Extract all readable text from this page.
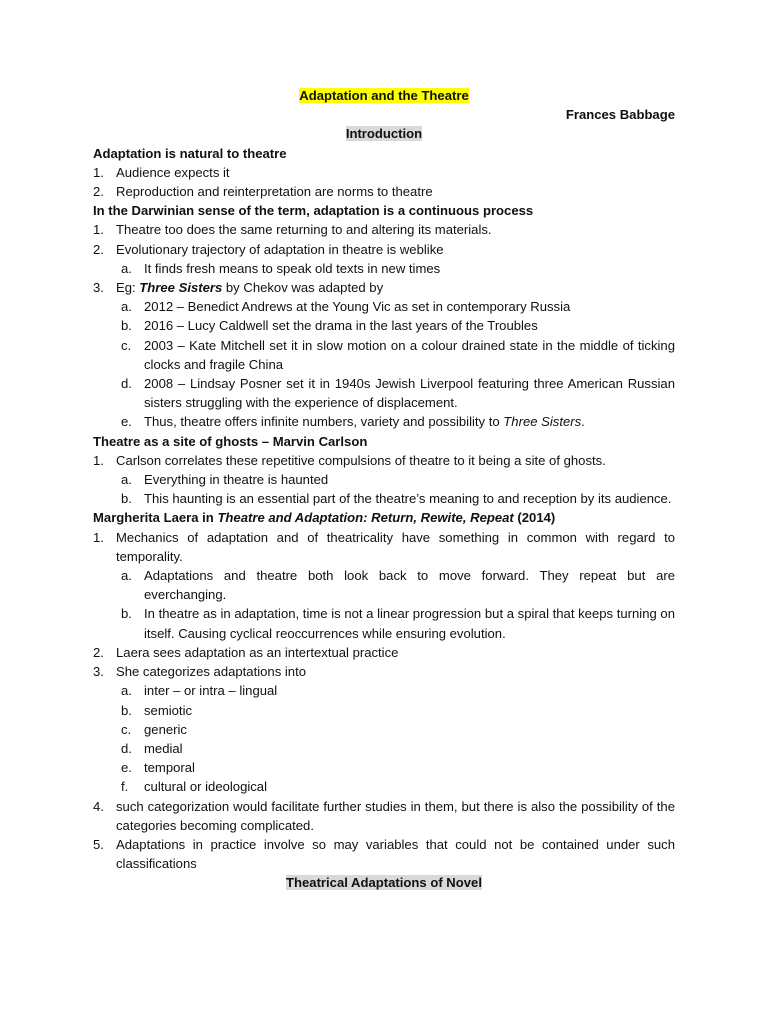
Adaptation and the Theatre

Frances Babbage

Introduction

Adaptation is natural to theatre

1. Audience expects it

2. Reproduction and reinterpretation are norms to theatre

In the Darwinian sense of the term, adaptation is a continuous process

1. Theatre too does the same returning to and altering its materials.

2. Evolutionary trajectory of adaptation in theatre is weblike

a. It finds fresh means to speak old texts in new times

3. Eg: Three Sisters by Chekov was adapted by

a. 2012 – Benedict Andrews at the Young Vic as set in contemporary Russia

b. 2016 – Lucy Caldwell set the drama in the last years of the Troubles

c. 2003 – Kate Mitchell set it in slow motion on a colour drained state in the middle of ticking clocks and fragile China

d. 2008 – Lindsay Posner set it in 1940s Jewish Liverpool featuring three American Russian sisters struggling with the experience of displacement.

e. Thus, theatre offers infinite numbers, variety and possibility to Three Sisters.

Theatre as a site of ghosts – Marvin Carlson

1. Carlson correlates these repetitive compulsions of theatre to it being a site of ghosts.

a. Everything in theatre is haunted

b. This haunting is an essential part of the theatre’s meaning to and reception by its audience.

Margherita Laera in Theatre and Adaptation: Return, Rewite, Repeat (2014)

1. Mechanics of adaptation and of theatricality have something in common with regard to temporality.

a. Adaptations and theatre both look back to move forward. They repeat but are everchanging.

b. In theatre as in adaptation, time is not a linear progression but a spiral that keeps turning on itself. Causing cyclical reoccurrences while ensuring evolution.

2. Laera sees adaptation as an intertextual practice

3. She categorizes adaptations into

a. inter – or intra – lingual

b. semiotic

c. generic

d. medial

e. temporal

f. cultural or ideological

4. such categorization would facilitate further studies in them, but there is also the possibility of the categories becoming complicated.

5. Adaptations in practice involve so may variables that could not be contained under such classifications

Theatrical Adaptations of Novel
